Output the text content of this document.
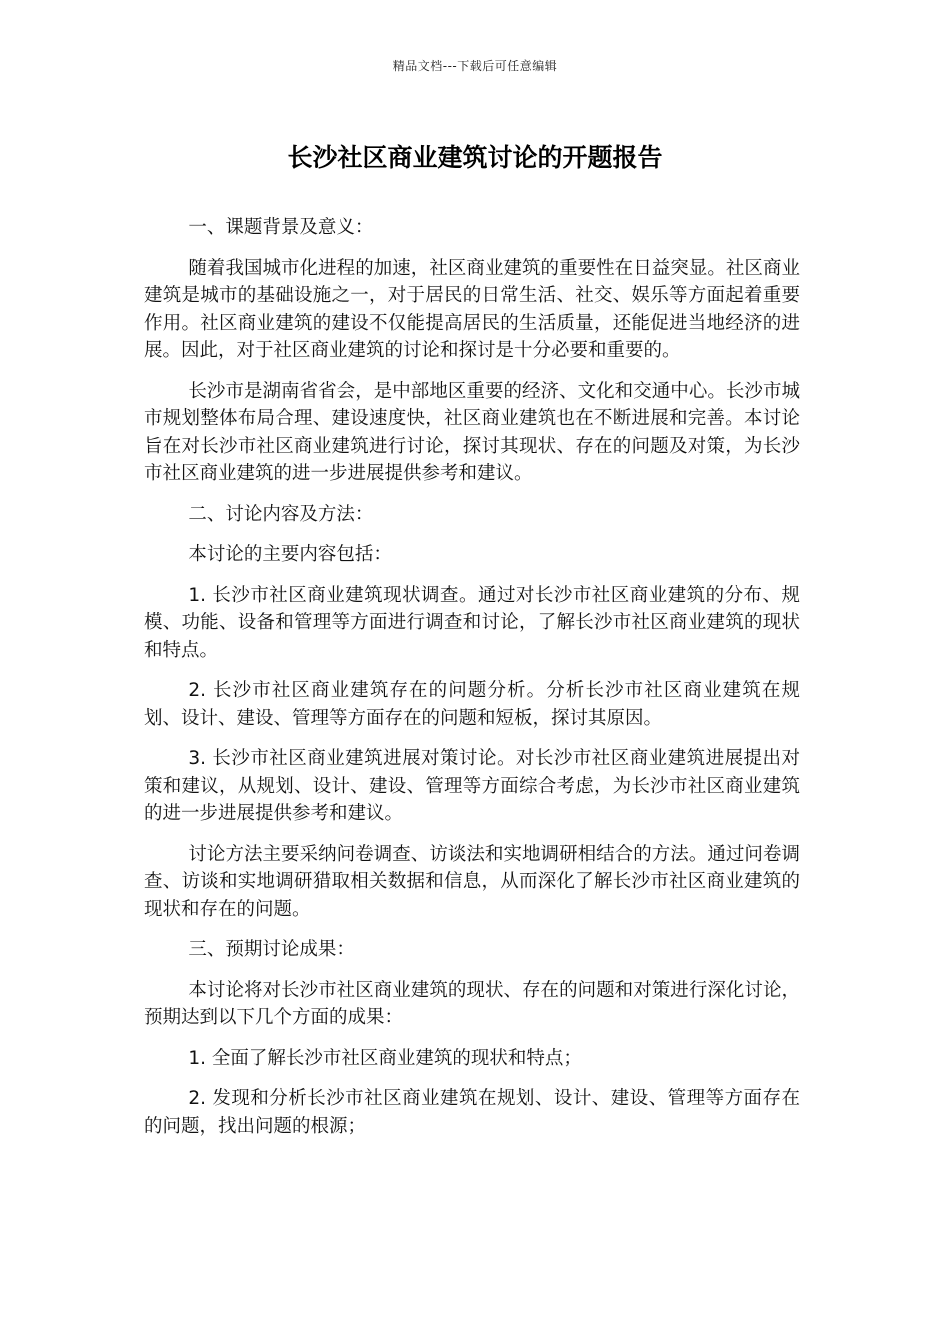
精品文档---下载后可任意编辑
长沙社区商业建筑讨论的开题报告

一、课题背景及意义：

随着我国城市化进程的加速，社区商业建筑的重要性在日益突显。社区商业建筑是城市的基础设施之一，对于居民的日常生活、社交、娱乐等方面起着重要作用。社区商业建筑的建设不仅能提高居民的生活质量，还能促进当地经济的进展。因此，对于社区商业建筑的讨论和探讨是十分必要和重要的。

长沙市是湖南省省会，是中部地区重要的经济、文化和交通中心。长沙市城市规划整体布局合理、建设速度快，社区商业建筑也在不断进展和完善。本讨论旨在对长沙市社区商业建筑进行讨论，探讨其现状、存在的问题及对策，为长沙市社区商业建筑的进一步进展提供参考和建议。

二、讨论内容及方法：

本讨论的主要内容包括：

1. 长沙市社区商业建筑现状调查。通过对长沙市社区商业建筑的分布、规模、功能、设备和管理等方面进行调查和讨论，了解长沙市社区商业建筑的现状和特点。

2. 长沙市社区商业建筑存在的问题分析。分析长沙市社区商业建筑在规划、设计、建设、管理等方面存在的问题和短板，探讨其原因。

3. 长沙市社区商业建筑进展对策讨论。对长沙市社区商业建筑进展提出对策和建议，从规划、设计、建设、管理等方面综合考虑，为长沙市社区商业建筑的进一步进展提供参考和建议。

讨论方法主要采纳问卷调查、访谈法和实地调研相结合的方法。通过问卷调查、访谈和实地调研猎取相关数据和信息，从而深化了解长沙市社区商业建筑的现状和存在的问题。

三、预期讨论成果：

本讨论将对长沙市社区商业建筑的现状、存在的问题和对策进行深化讨论，预期达到以下几个方面的成果：

1. 全面了解长沙市社区商业建筑的现状和特点；

2. 发现和分析长沙市社区商业建筑在规划、设计、建设、管理等方面存在的问题，找出问题的根源；
